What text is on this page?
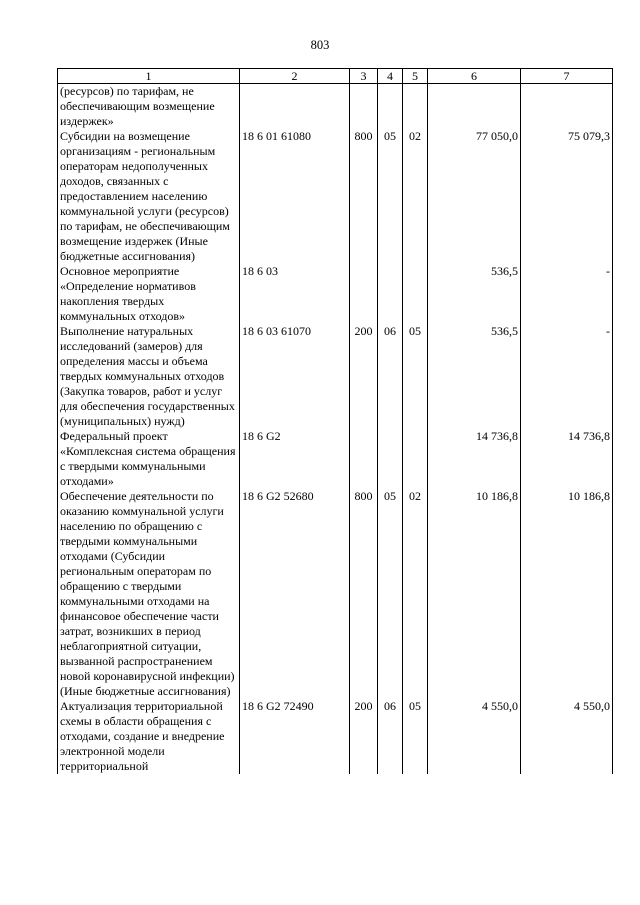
803
1	2	3	4	5	6	7
(ресурсов) по тарифам, не обеспечивающим возмещение издержек»						
Субсидии на возмещение организациям - региональным операторам недополученных доходов, связанных с предоставлением населению коммунальной услуги (ресурсов) по тарифам, не обеспечивающим возмещение издержек (Иные бюджетные ассигнования)	18 6 01 61080	800	05	02	77 050,0	75 079,3
Основное мероприятие «Определение нормативов накопления твердых коммунальных отходов»	18 6 03				536,5	-
Выполнение натуральных исследований (замеров) для определения массы и объема твердых коммунальных отходов (Закупка товаров, работ и услуг для обеспечения государственных (муниципальных) нужд)	18 6 03 61070	200	06	05	536,5	-
Федеральный проект «Комплексная система обращения с твердыми коммунальными отходами»	18 6 G2				14 736,8	14 736,8
Обеспечение деятельности по оказанию коммунальной услуги населению по обращению с твердыми коммунальными отходами (Субсидии региональным операторам по обращению с твердыми коммунальными отходами на финансовое обеспечение части затрат, возникших в период неблагоприятной ситуации, вызванной распространением новой коронавирусной инфекции) (Иные бюджетные ассигнования)	18 6 G2 52680	800	05	02	10 186,8	10 186,8
Актуализация территориальной схемы в области обращения с отходами, создание и внедрение электронной модели территориальной	18 6 G2 72490	200	06	05	4 550,0	4 550,0
